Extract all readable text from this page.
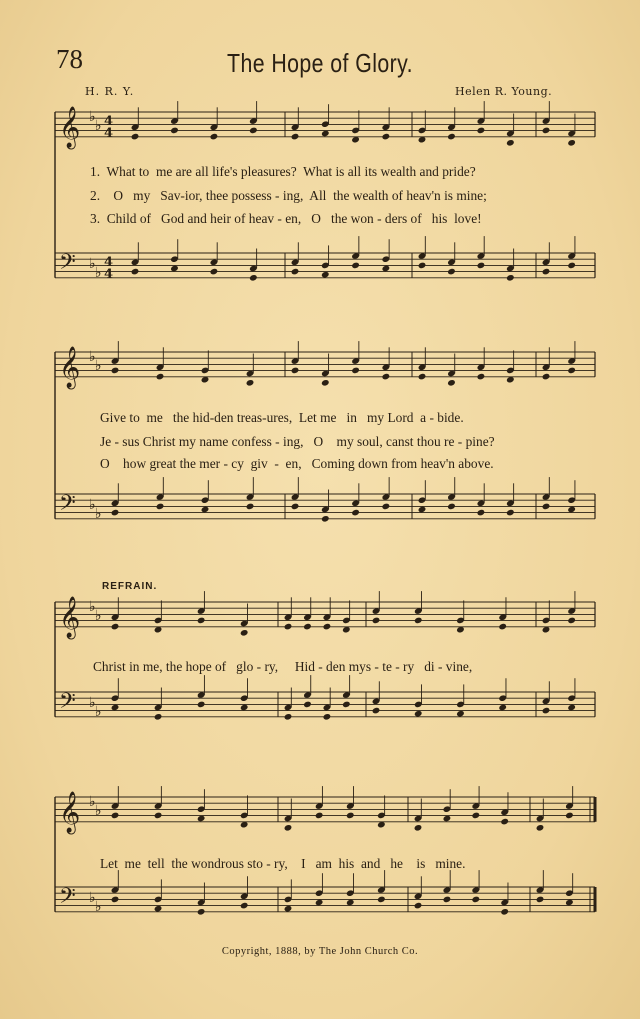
78	The Hope of Glory.
H. R. Y.	Helen R. Young.
𝄞 ♭
♭ 4
4
𝄢 ♭
♭
4
4
𝄞 ♭
♭
𝄢 ♭
♭
𝄞 ♭
♭
𝄢 ♭
♭
𝄞 ♭
♭
𝄢 ♭
♭
REFRAIN.
1.  What to  me are all life's pleasures?  What is all its wealth and pride?
2.    O   my   Sav-ior, thee possess - ing,  All  the wealth of heav'n is mine;
3.  Child of   God and heir of heav - en,   O   the won - ders of   his  love!
Give to  me   the hid-den treas-ures,  Let me   in   my Lord  a - bide.
Je - sus Christ my name confess - ing,   O    my soul, canst thou re - pine?
O    how great the mer - cy  giv  -  en,   Coming down from heav'n above.
Christ in me, the hope of   glo - ry,     Hid - den mys - te - ry   di - vine,
Let  me  tell  the wondrous sto - ry,    I   am  his  and   he    is   mine.
Copyright, 1888, by The John Church Co.
